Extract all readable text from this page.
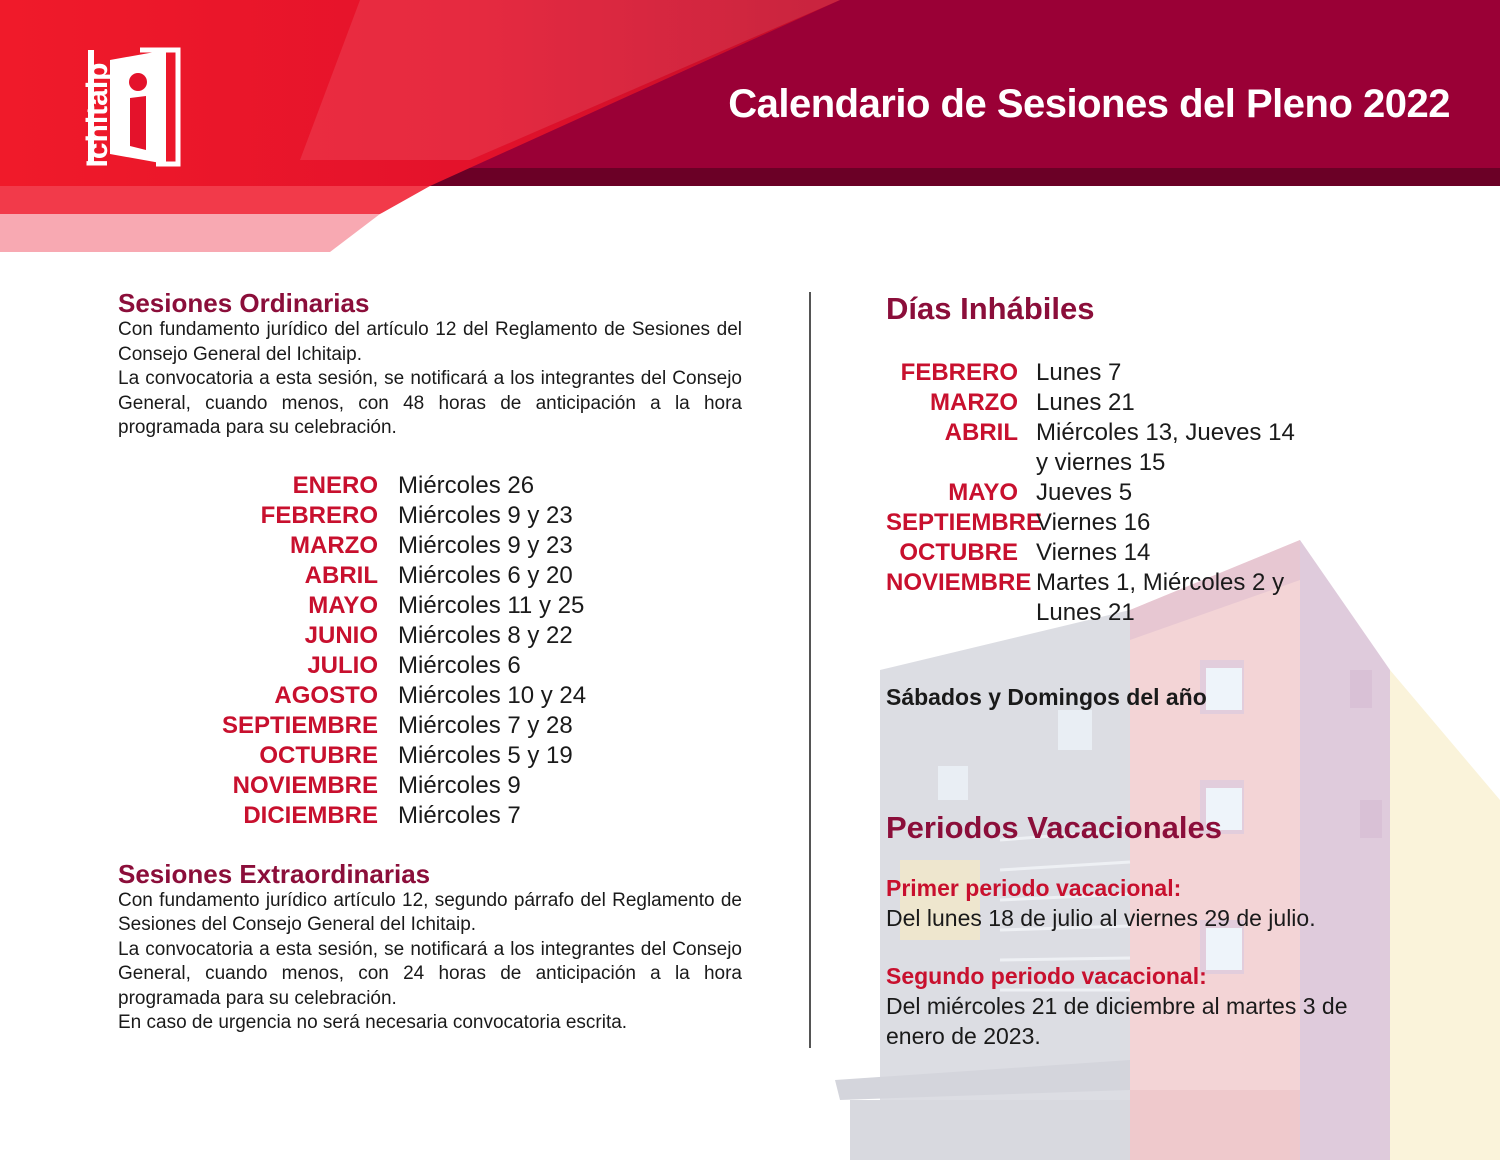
Ichitaip	Calendario de Sesiones del Pleno 2022
Sesiones Ordinarias

Con fundamento jurídico del artículo 12 del Reglamento de Sesiones del Consejo General del Ichitaip.

La convocatoria a esta sesión, se notificará a los integrantes del Consejo General, cuando menos, con 48 horas de anticipación a la hora programada para su celebración.

ENERO Miércoles 26
FEBRERO Miércoles 9 y 23
MARZO Miércoles 9 y 23
ABRIL Miércoles 6 y 20
MAYO Miércoles 11 y 25
JUNIO Miércoles 8 y 22
JULIO Miércoles 6
AGOSTO Miércoles 10 y 24
SEPTIEMBRE Miércoles 7 y 28
OCTUBRE Miércoles 5 y 19
NOVIEMBRE Miércoles 9
DICIEMBRE Miércoles 7
Sesiones Extraordinarias

Con fundamento jurídico artículo 12, segundo párrafo del Reglamento de Sesiones del Consejo General del Ichitaip.

La convocatoria a esta sesión, se notificará a los integrantes del Consejo General, cuando menos, con 24 horas de anticipación a la hora programada para su celebración.

En caso de urgencia no será necesaria convocatoria escrita.

Días Inhábiles
FEBRERO Lunes 7
MARZO Lunes 21
ABRIL Miércoles 13, Jueves 14 y viernes 15
MAYO Jueves 5
SEPTIEMBRE
Viernes 16
OCTUBRE Viernes 14
NOVIEMBRE Martes 1, Miércoles 2 y Lunes 21
Sábados y Domingos del año
Periodos Vacacionales

Primer periodo vacacional:

Del lunes 18 de julio al viernes 29 de julio.

Segundo periodo vacacional:

Del miércoles 21 de diciembre al martes 3 de enero de 2023.
